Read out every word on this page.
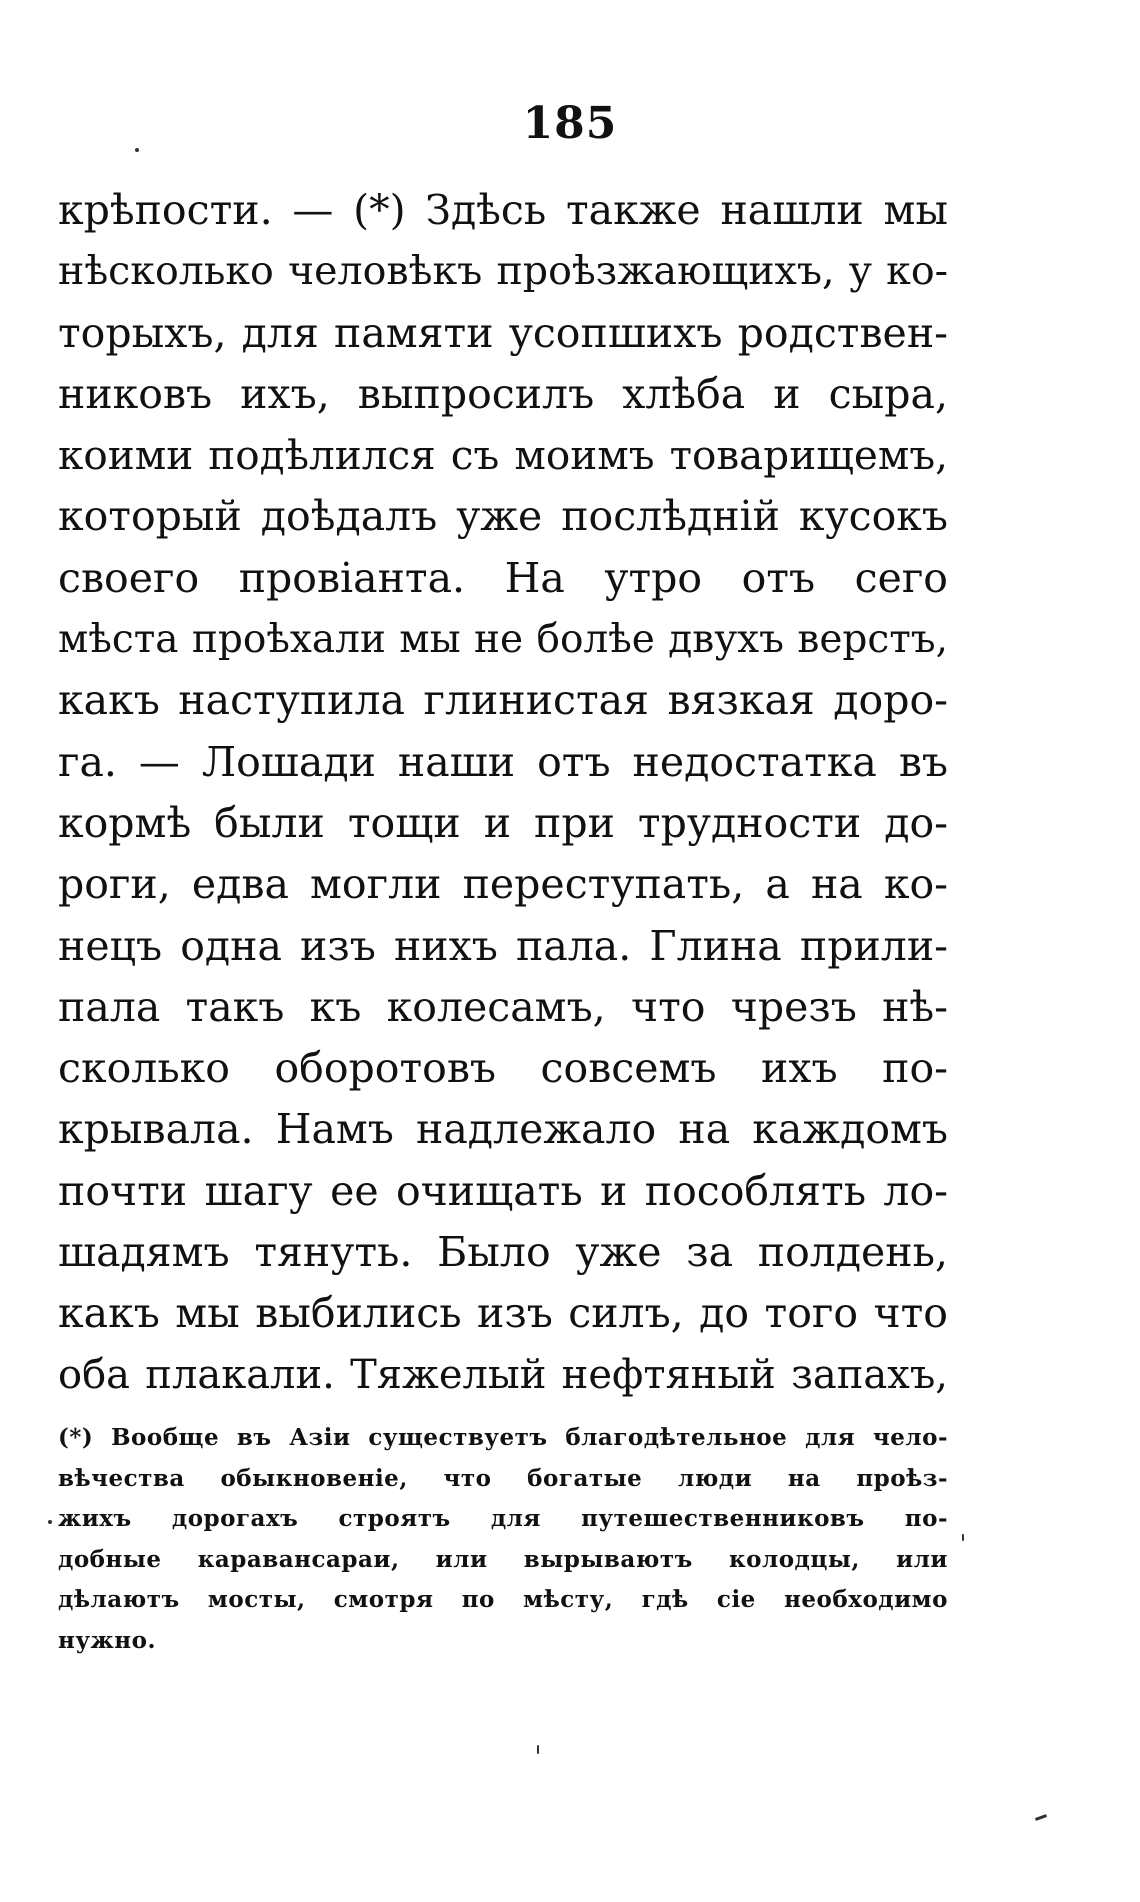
185
крѣпости. — (*) Здѣсь также нашли мы
нѣсколько человѣкъ проѣзжающихъ, у ко-
торыхъ, для памяти усопшихъ родствен-
никовъ ихъ, выпросилъ хлѣба и сыра,
коими подѣлился съ моимъ товарищемъ,
который доѣдалъ уже послѣдній кусокъ
своего провіанта. На утро отъ сего
мѣста проѣхали мы не болѣе двухъ верстъ,
какъ наступила глинистая вязкая доро-
га. — Лошади наши отъ недостатка въ
кормѣ были тощи и при трудности до-
роги, едва могли переступать, а на ко-
нецъ одна изъ нихъ пала. Глина прили-
пала такъ къ колесамъ, что чрезъ нѣ-
сколько оборотовъ совсемъ ихъ по-
крывала. Намъ надлежало на каждомъ
почти шагу ее очищать и пособлять ло-
шадямъ тянуть. Было уже за полдень,
какъ мы выбились изъ силъ, до того что
оба плакали. Тяжелый нефтяный запахъ,
(*) Вообще въ Азіи существуетъ благодѣтельное для чело-
вѣчества обыкновеніе, что богатые люди на проѣз-
жихъ дорогахъ строятъ для путешественниковъ по-
добные каравансараи, или вырываютъ колодцы, или
дѣлаютъ мосты, смотря по мѣсту, гдѣ сіе необходимо
нужно.
